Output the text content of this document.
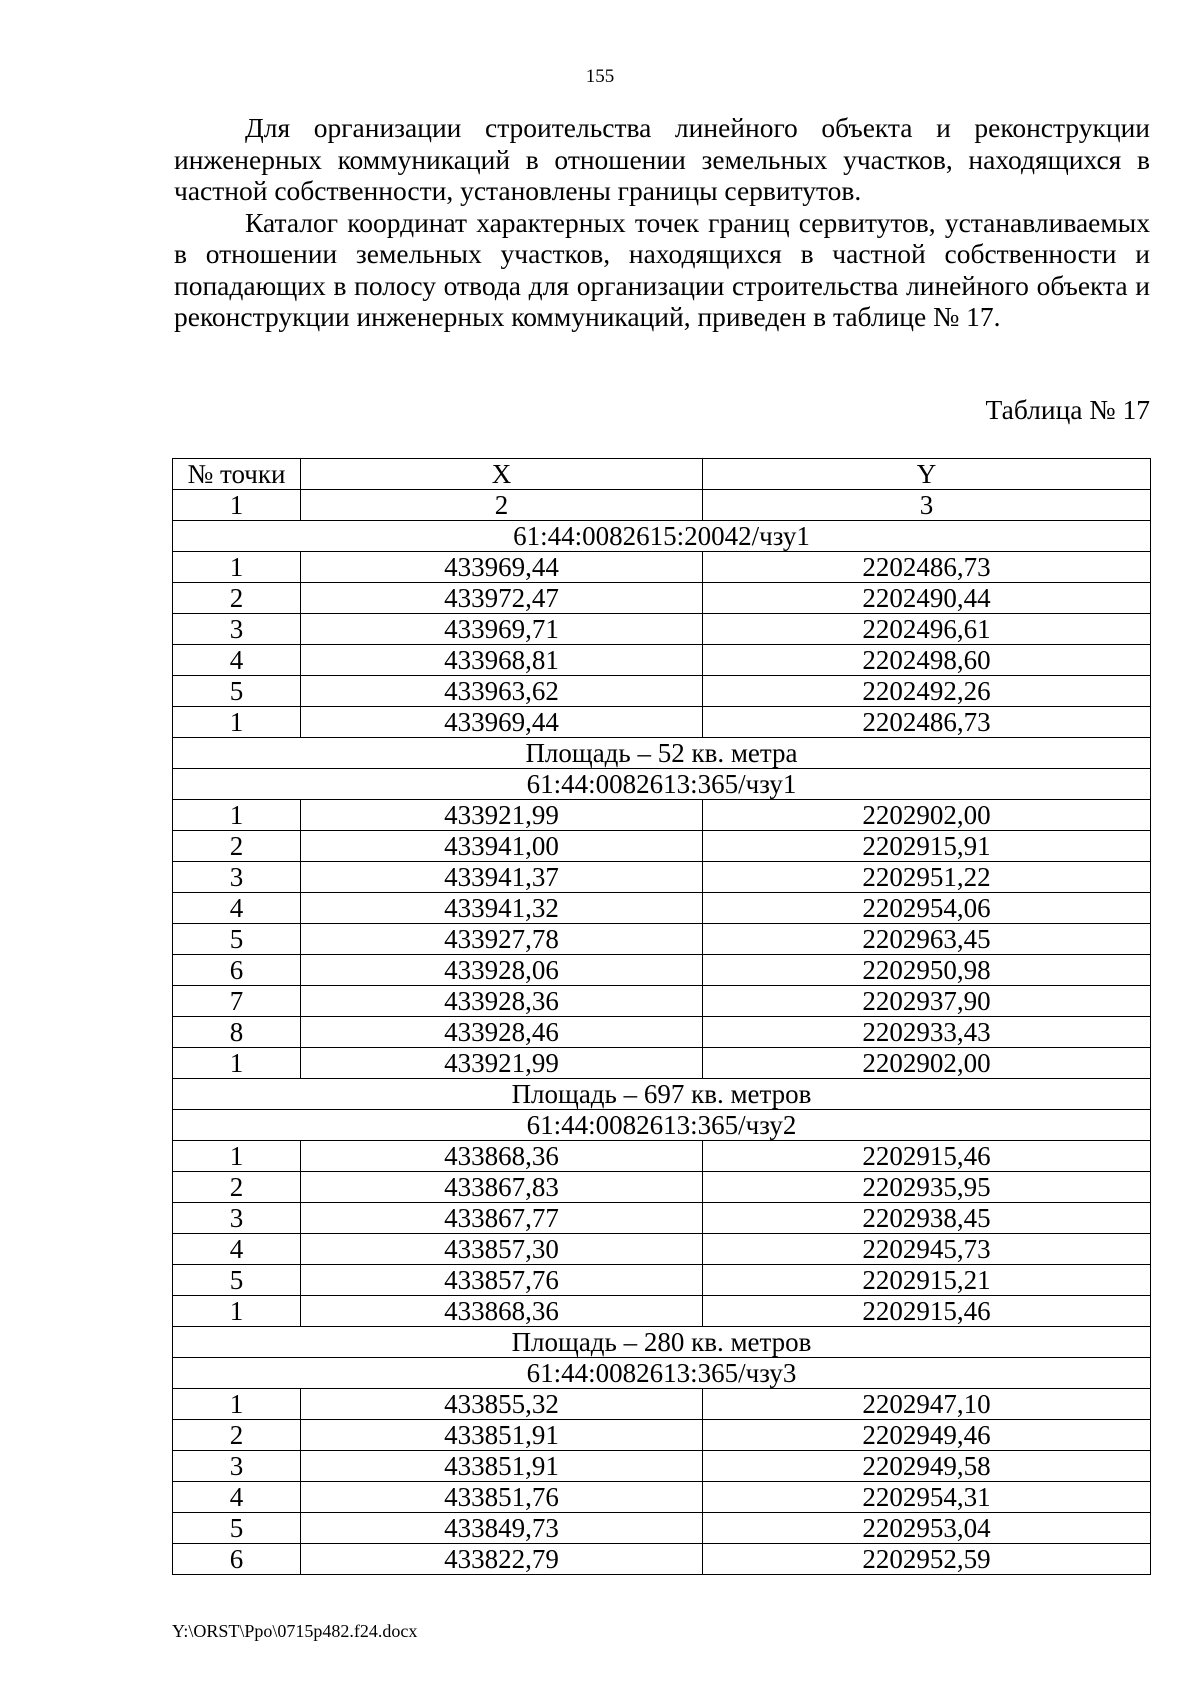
155

Для организации строительства линейного объекта и реконструкции инженерных коммуникаций в отношении земельных участков, находящихся в частной собственности, установлены границы сервитутов.

Каталог координат характерных точек границ сервитутов, устанавливаемых в отношении земельных участков, находящихся в частной собственности и попадающих в полосу отвода для организации строительства линейного объекта и реконструкции инженерных коммуникаций, приведен в таблице № 17.

Таблица № 17
№ точки	X	Y
1	2	3
61:44:0082615:20042/чзу1		
1	433969,44	2202486,73
2	433972,47	2202490,44
3	433969,71	2202496,61
4	433968,81	2202498,60
5	433963,62	2202492,26
1	433969,44	2202486,73
Площадь – 52 кв. метра		
61:44:0082613:365/чзу1		
1	433921,99	2202902,00
2	433941,00	2202915,91
3	433941,37	2202951,22
4	433941,32	2202954,06
5	433927,78	2202963,45
6	433928,06	2202950,98
7	433928,36	2202937,90
8	433928,46	2202933,43
1	433921,99	2202902,00
Площадь – 697 кв. метров		
61:44:0082613:365/чзу2		
1	433868,36	2202915,46
2	433867,83	2202935,95
3	433867,77	2202938,45
4	433857,30	2202945,73
5	433857,76	2202915,21
1	433868,36	2202915,46
Площадь – 280 кв. метров		
61:44:0082613:365/чзу3		
1	433855,32	2202947,10
2	433851,91	2202949,46
3	433851,91	2202949,58
4	433851,76	2202954,31
5	433849,73	2202953,04
6	433822,79	2202952,59
Y:\ORST\Ppo\0715p482.f24.docx
